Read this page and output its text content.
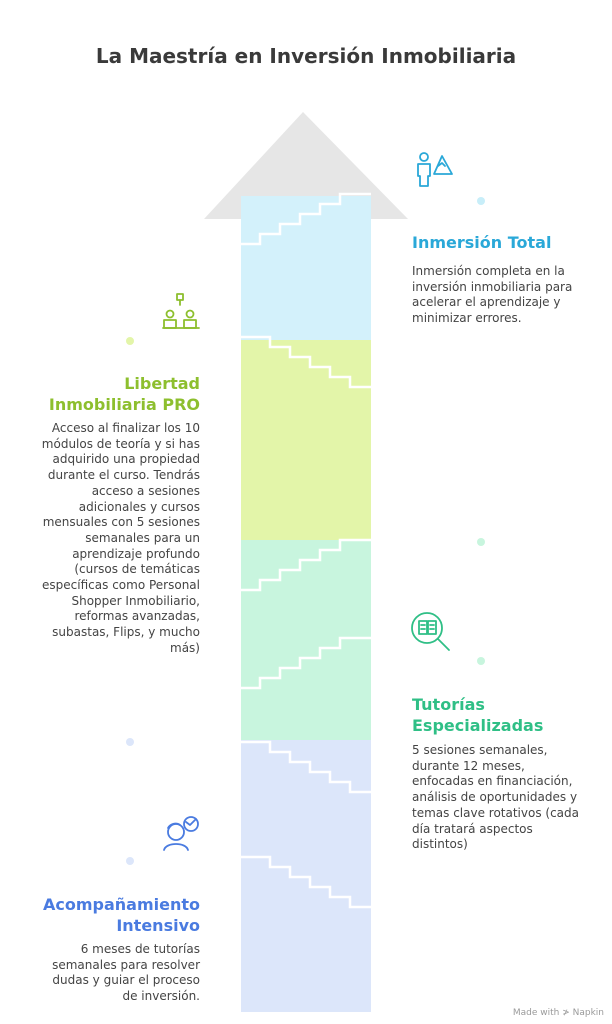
La Maestría en Inversión Inmobiliaria
Inmersión Total
Inmersión completa en la inversión inmobiliaria para acelerar el aprendizaje y minimizar errores.
Libertad Inmobiliaria PRO
Acceso al finalizar los 10 módulos de teoría y si has adquirido una propiedad durante el curso. Tendrás acceso a sesiones adicionales y cursos mensuales con 5 sesiones semanales para un aprendizaje profundo (cursos de temáticas específicas como Personal Shopper Inmobiliario, reformas avanzadas, subastas, Flips, y mucho más)
Tutorías Especializadas
5 sesiones semanales, durante 12 meses, enfocadas en financiación, análisis de oportunidades y temas clave rotativos (cada día tratará aspectos distintos)
Acompañamiento Intensivo
6 meses de tutorías semanales para resolver dudas y guiar el proceso de inversión.
Made with ≯ Napkin
